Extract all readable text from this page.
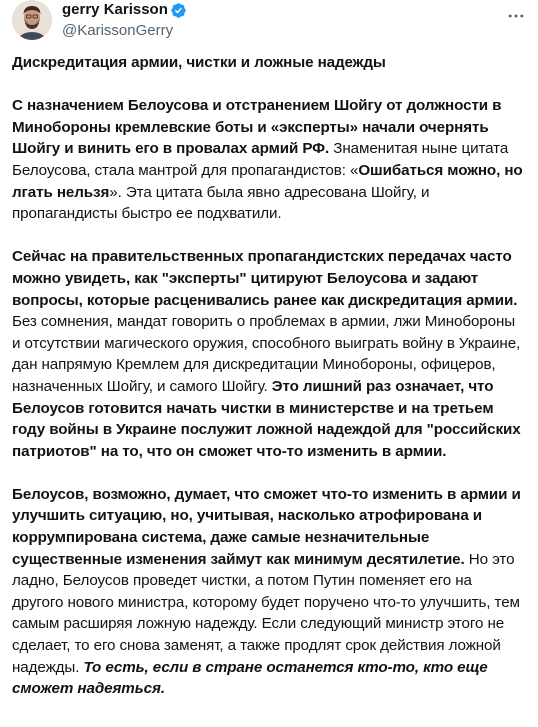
gerry Karisson
@KarissonGerry

Дискредитация армии, чистки и ложные надежды

С назначением Белоусова и отстранением Шойгу от должности в Минобороны кремлевские боты и «эксперты» начали очернять Шойгу и винить его в провалах армий РФ. Знаменитая ныне цитата Белоусова, стала мантрой для пропагандистов: «Ошибаться можно, но лгать нельзя». Эта цитата была явно адресована Шойгу, и пропагандисты быстро ее подхватили.

Сейчас на правительственных пропагандистских передачах часто можно увидеть, как "эксперты" цитируют Белоусова и задают вопросы, которые расценивались ранее как дискредитация армии. Без сомнения, мандат говорить о проблемах в армии, лжи Минобороны и отсутствии магического оружия, способного выиграть войну в Украине, дан напрямую Кремлем для дискредитации Минобороны, офицеров, назначенных Шойгу, и самого Шойгу. Это лишний раз означает, что Белоусов готовится начать чистки в министерстве и на третьем году войны в Украине послужит ложной надеждой для "российских патриотов" на то, что он сможет что-то изменить в армии.

Белоусов, возможно, думает, что сможет что-то изменить в армии и улучшить ситуацию, но, учитывая, насколько атрофирована и коррумпирована система, даже самые незначительные существенные изменения займут как минимум десятилетие. Но это ладно, Белоусов проведет чистки, а потом Путин поменяет его на другого нового министра, которому будет поручено что-то улучшить, тем самым расширяя ложную надежду. Если следующий министр этого не сделает, то его снова заменят, а также продлят срок действия ложной надежды. То есть, если в стране останется кто-то, кто еще сможет надеяться.
